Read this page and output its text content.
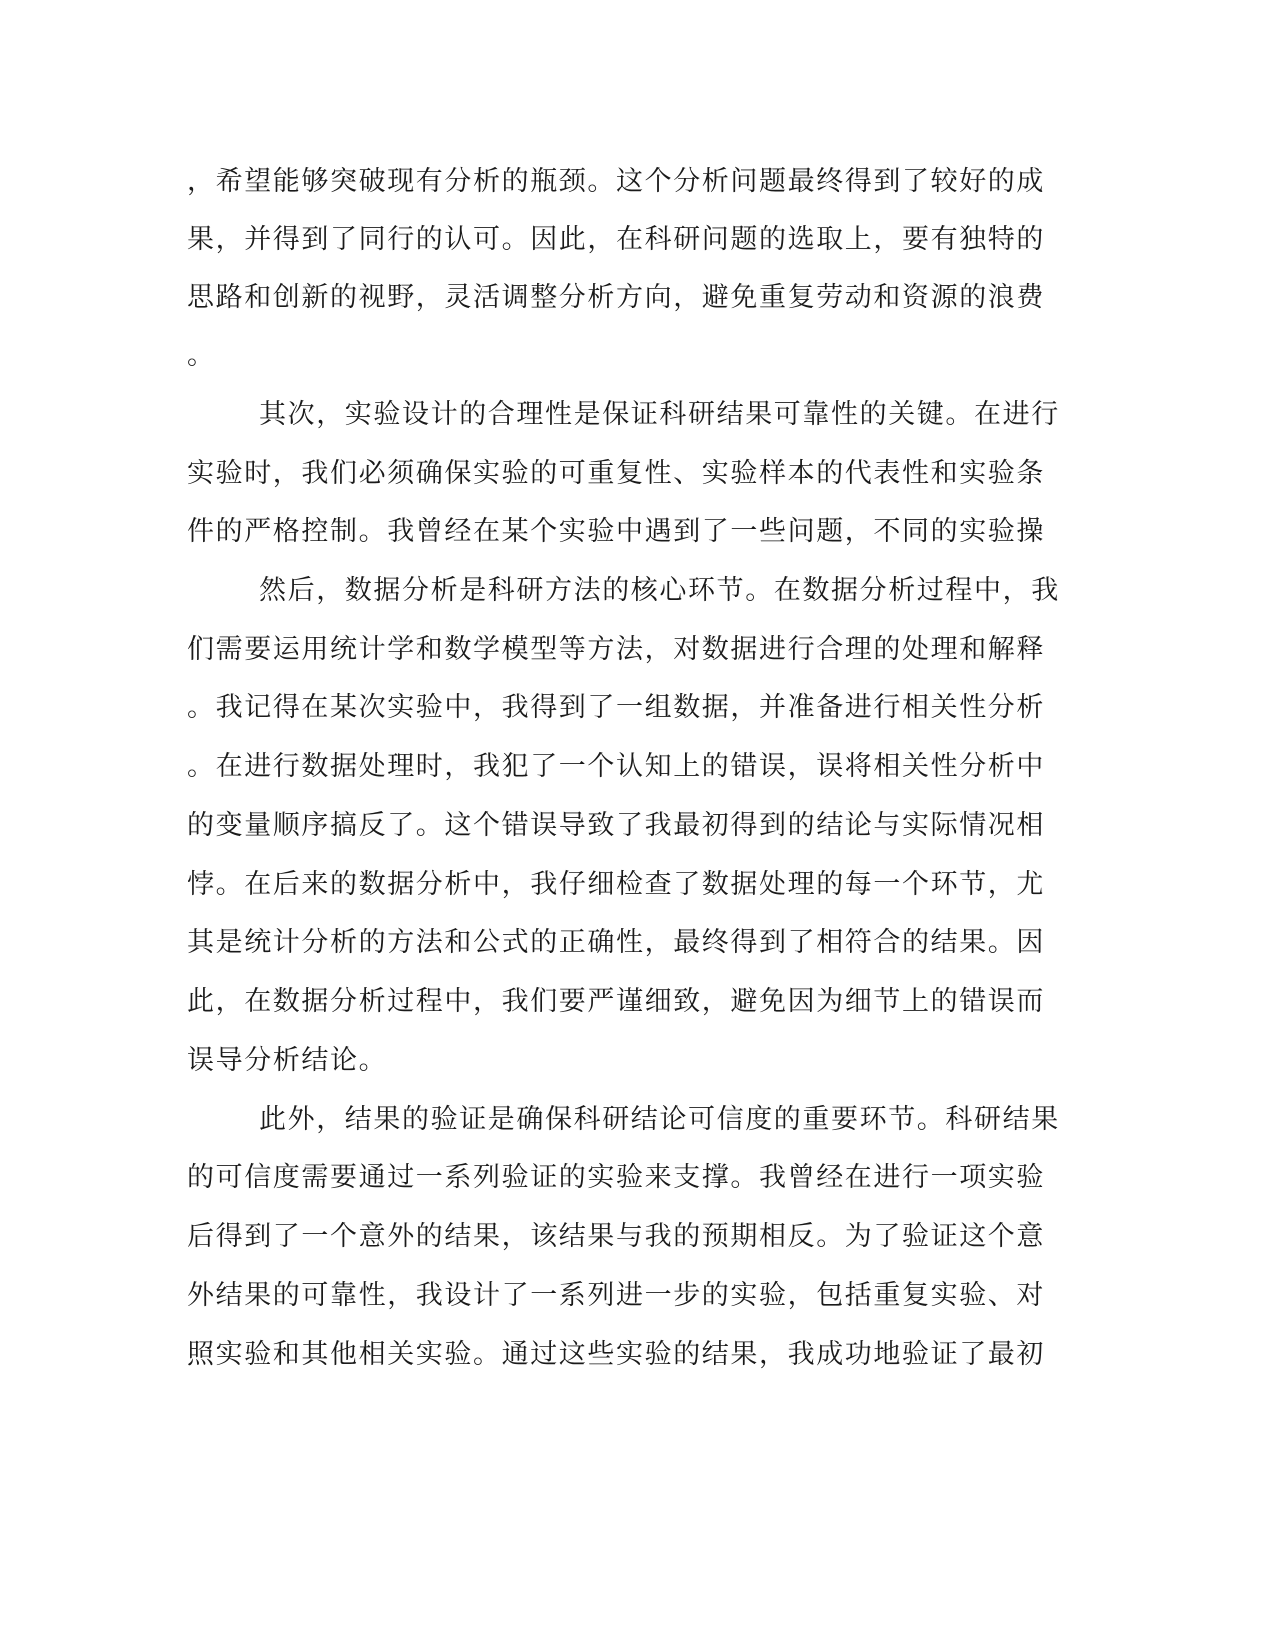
，希望能够突破现有分析的瓶颈。这个分析问题最终得到了较好的成
果，并得到了同行的认可。因此，在科研问题的选取上，要有独特的
思路和创新的视野，灵活调整分析方向，避免重复劳动和资源的浪费
。
其次，实验设计的合理性是保证科研结果可靠性的关键。在进行
实验时，我们必须确保实验的可重复性、实验样本的代表性和实验条
件的严格控制。我曾经在某个实验中遇到了一些问题，不同的实验操
然后，数据分析是科研方法的核心环节。在数据分析过程中，我
们需要运用统计学和数学模型等方法，对数据进行合理的处理和解释
。我记得在某次实验中，我得到了一组数据，并准备进行相关性分析
。在进行数据处理时，我犯了一个认知上的错误，误将相关性分析中
的变量顺序搞反了。这个错误导致了我最初得到的结论与实际情况相
悖。在后来的数据分析中，我仔细检查了数据处理的每一个环节，尤
其是统计分析的方法和公式的正确性，最终得到了相符合的结果。因
此，在数据分析过程中，我们要严谨细致，避免因为细节上的错误而
误导分析结论。
此外，结果的验证是确保科研结论可信度的重要环节。科研结果
的可信度需要通过一系列验证的实验来支撑。我曾经在进行一项实验
后得到了一个意外的结果，该结果与我的预期相反。为了验证这个意
外结果的可靠性，我设计了一系列进一步的实验，包括重复实验、对
照实验和其他相关实验。通过这些实验的结果，我成功地验证了最初
